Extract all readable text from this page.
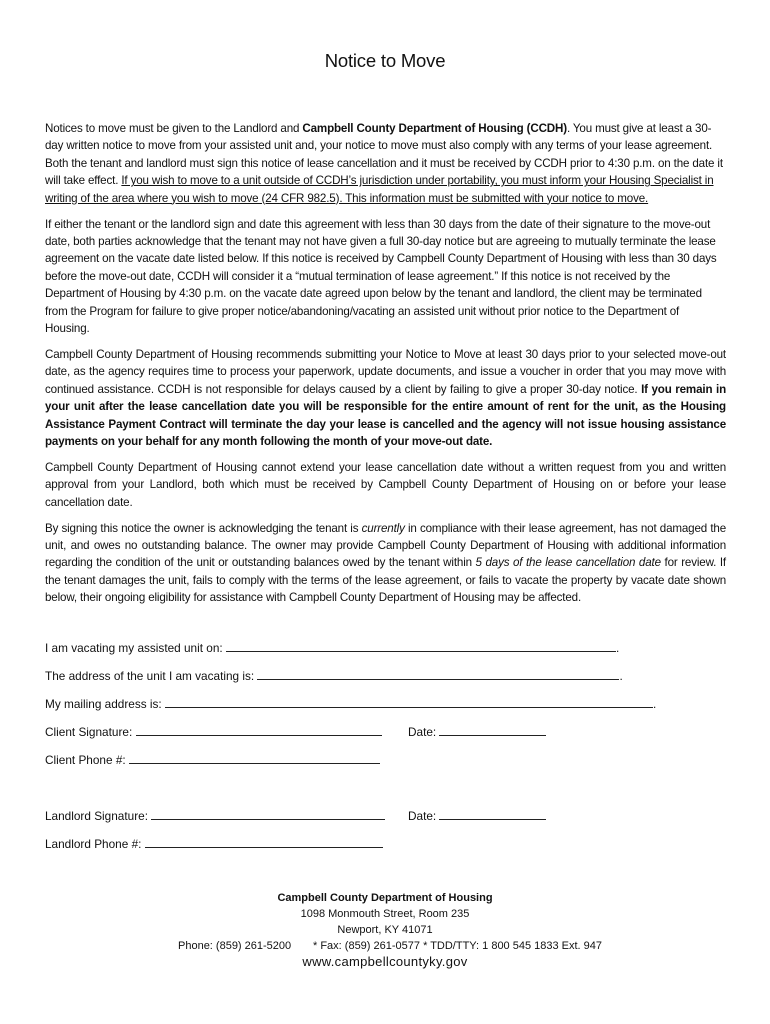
Notice to Move

Notices to move must be given to the Landlord and Campbell County Department of Housing (CCDH). You must give at least a 30-day written notice to move from your assisted unit and, your notice to move must also comply with any terms of your lease agreement. Both the tenant and landlord must sign this notice of lease cancellation and it must be received by CCDH prior to 4:30 p.m. on the date it will take effect. If you wish to move to a unit outside of CCDH’s jurisdiction under portability, you must inform your Housing Specialist in writing of the area where you wish to move (24 CFR 982.5). This information must be submitted with your notice to move.

If either the tenant or the landlord sign and date this agreement with less than 30 days from the date of their signature to the move-out date, both parties acknowledge that the tenant may not have given a full 30-day notice but are agreeing to mutually terminate the lease agreement on the vacate date listed below. If this notice is received by Campbell County Department of Housing with less than 30 days before the move-out date, CCDH will consider it a “mutual termination of lease agreement.” If this notice is not received by the Department of Housing by 4:30 p.m. on the vacate date agreed upon below by the tenant and landlord, the client may be terminated from the Program for failure to give proper notice/abandoning/vacating an assisted unit without prior notice to the Department of Housing.

Campbell County Department of Housing recommends submitting your Notice to Move at least 30 days prior to your selected move-out date, as the agency requires time to process your paperwork, update documents, and issue a voucher in order that you may move with continued assistance. CCDH is not responsible for delays caused by a client by failing to give a proper 30-day notice. If you remain in your unit after the lease cancellation date you will be responsible for the entire amount of rent for the unit, as the Housing Assistance Payment Contract will terminate the day your lease is cancelled and the agency will not issue housing assistance payments on your behalf for any month following the month of your move-out date.

Campbell County Department of Housing cannot extend your lease cancellation date without a written request from you and written approval from your Landlord, both which must be received by Campbell County Department of Housing on or before your lease cancellation date.

By signing this notice the owner is acknowledging the tenant is currently in compliance with their lease agreement, has not damaged the unit, and owes no outstanding balance. The owner may provide Campbell County Department of Housing with additional information regarding the condition of the unit or outstanding balances owed by the tenant within 5 days of the lease cancellation date for review. If the tenant damages the unit, fails to comply with the terms of the lease agreement, or fails to vacate the property by vacate date shown below, their ongoing eligibility for assistance with Campbell County Department of Housing may be affected.

I am vacating my assisted unit on:	.
The address of the unit I am vacating is:	.
My mailing address is:	.
Client Signature:	Date:
Client Phone #:
Landlord Signature:	Date:
Landlord Phone #:
Campbell County Department of Housing
1098 Monmouth Street, Room 235
Newport, KY 41071
Phone: (859) 261-5200 * Fax: (859) 261-0577 * TDD/TTY: 1 800 545 1833 Ext. 947
www.campbellcountyky.gov
